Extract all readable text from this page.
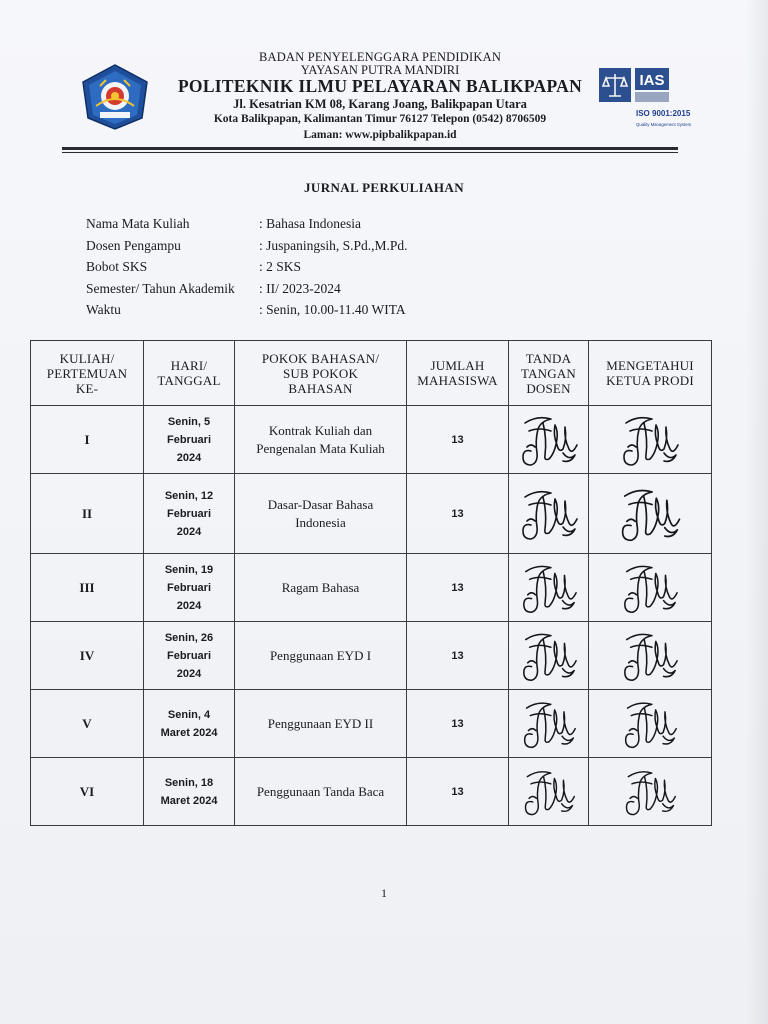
IAS
ISO 9001:2015
Quality Management System
BADAN PENYELENGGARA PENDIDIKAN
YAYASAN PUTRA MANDIRI
POLITEKNIK ILMU PELAYARAN BALIKPAPAN
Jl. Kesatrian KM 08, Karang Joang, Balikpapan Utara
Kota Balikpapan, Kalimantan Timur 76127 Telepon (0542) 8706509
Laman: www.pipbalikpapan.id
JURNAL PERKULIAHAN
Nama Mata Kuliah	: Bahasa Indonesia
Dosen Pengampu	: Juspaningsih, S.Pd.,M.Pd.
Bobot SKS	: 2 SKS
Semester/ Tahun Akademik : II/ 2023-2024
Waktu	: Senin, 10.00-11.40 WITA
KULIAH/
PERTEMUAN
KE-	HARI/
TANGGAL	POKOK BAHASAN/
SUB POKOK
BAHASAN	JUMLAH
MAHASISWA	TANDA
TANGAN
DOSEN	MENGETAHUI
KETUA PRODI
I	Senin, 5
Februari
2024	Kontrak Kuliah dan
Pengenalan Mata Kuliah	13	

II	Senin, 12
Februari
2024	Dasar-Dasar Bahasa
Indonesia	13	

III	Senin, 19
Februari
2024	Ragam Bahasa	13	

IV	Senin, 26
Februari
2024	Penggunaan EYD I	13	

V	Senin, 4
Maret 2024	Penggunaan EYD II	13	

VI	Senin, 18
Maret 2024	Penggunaan Tanda Baca	13	

1
